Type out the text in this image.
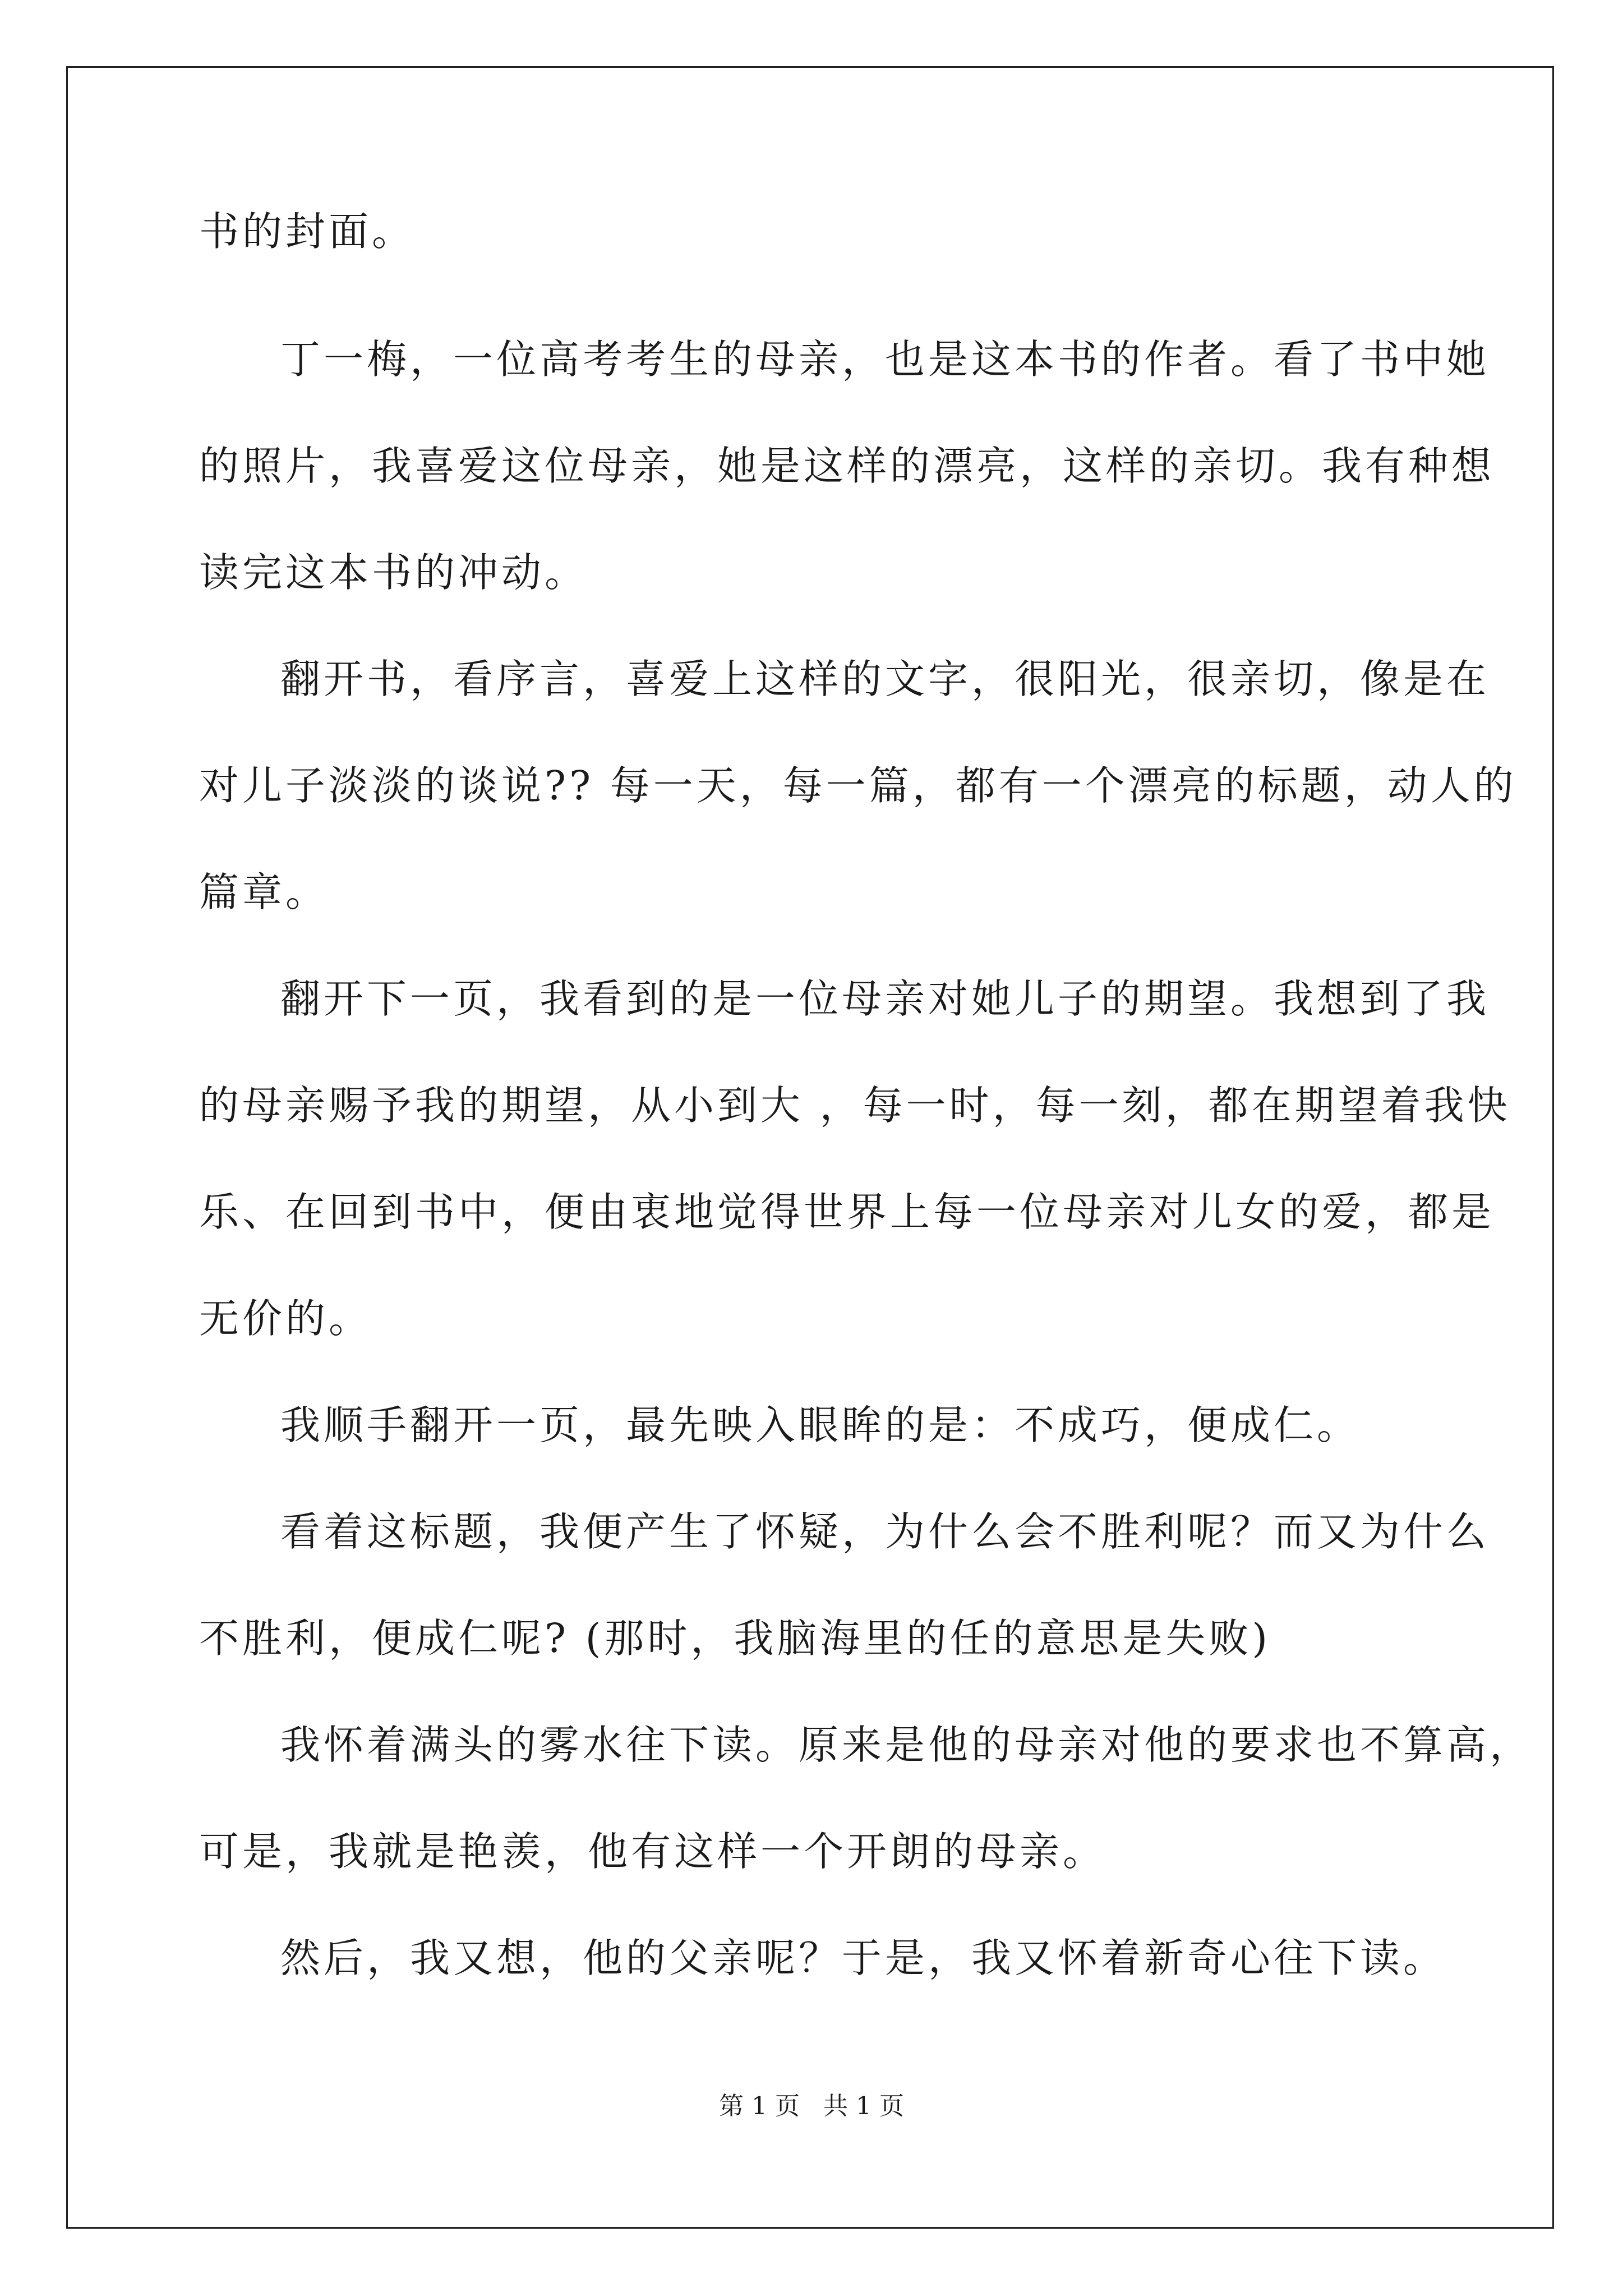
书的封面。
丁一梅，一位高考考生的母亲，也是这本书的作者。看了书中她
的照片，我喜爱这位母亲，她是这样的漂亮，这样的亲切。我有种想
读完这本书的冲动。
翻开书，看序言，喜爱上这样的文字，很阳光，很亲切，像是在
对儿子淡淡的谈说?? 每一天，每一篇，都有一个漂亮的标题，动人的
篇章。
翻开下一页，我看到的是一位母亲对她儿子的期望。我想到了我
的母亲赐予我的期望，从小到大 ，每一时，每一刻，都在期望着我快
乐、在回到书中，便由衷地觉得世界上每一位母亲对儿女的爱，都是
无价的。
我顺手翻开一页，最先映入眼眸的是：不成巧，便成仁。
看着这标题，我便产生了怀疑，为什么会不胜利呢？而又为什么
不胜利，便成仁呢? (那时，我脑海里的任的意思是失败)
我怀着满头的雾水往下读。原来是他的母亲对他的要求也不算高，
可是，我就是艳羡，他有这样一个开朗的母亲。
然后，我又想，他的父亲呢？于是，我又怀着新奇心往下读。
第 1 页   共 1 页
